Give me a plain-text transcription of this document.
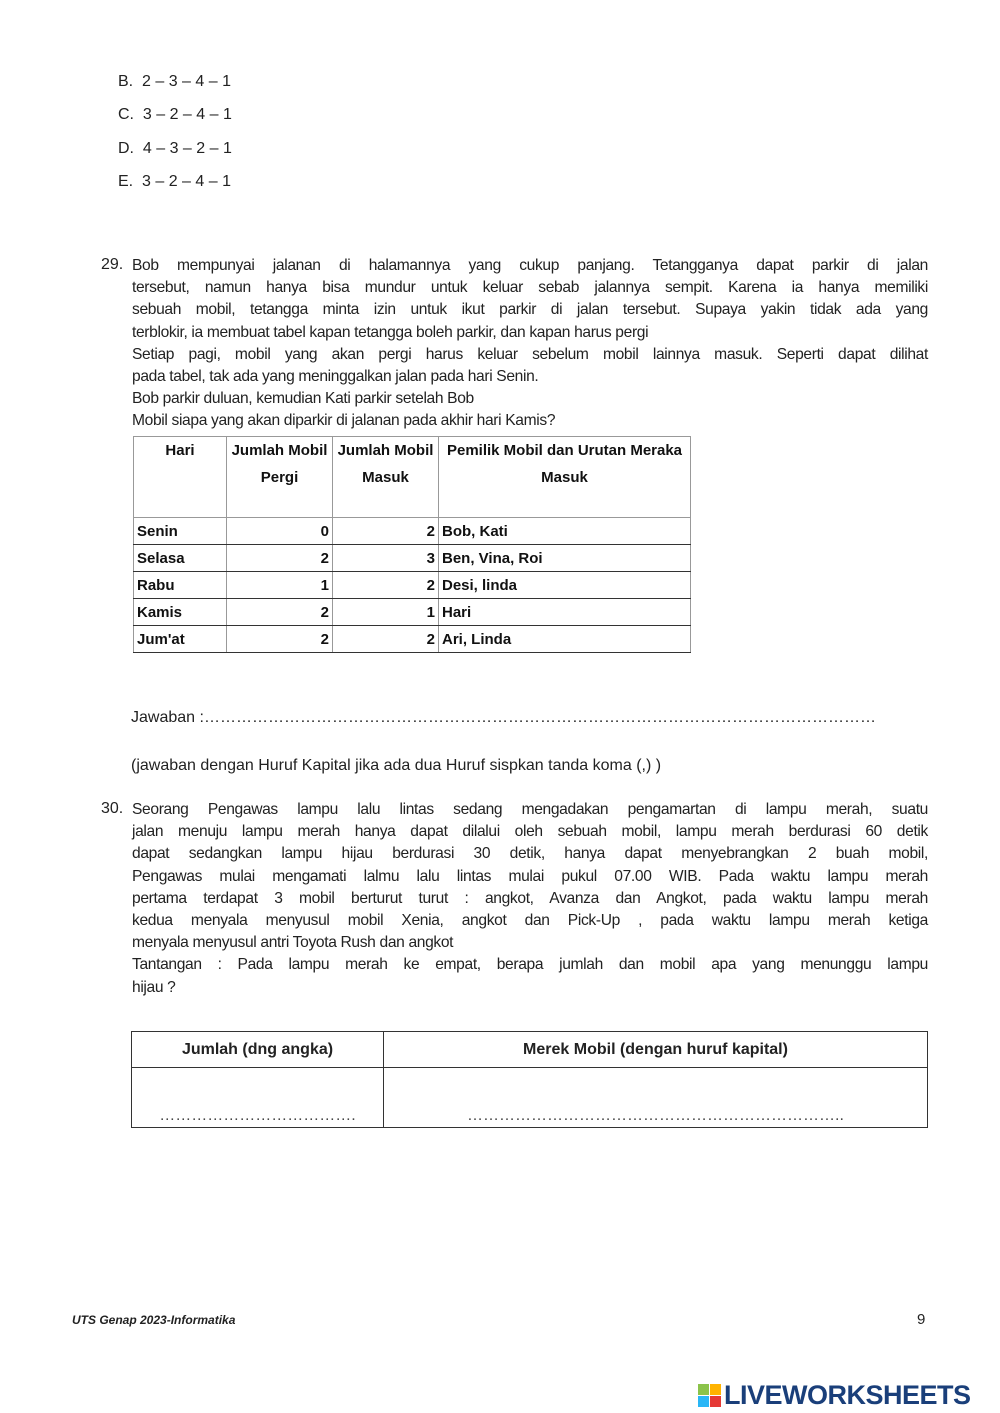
B. 2 – 3 – 4 – 1
C. 3 – 2 – 4 – 1
D. 4 – 3 – 2 – 1
E. 3 – 2 – 4 – 1
29. Bob mempunyai jalanan di halamannya yang cukup panjang. Tetangganya dapat parkir di jalan
tersebut, namun hanya bisa mundur untuk keluar sebab jalannya sempit. Karena ia hanya memiliki
sebuah mobil, tetangga minta izin untuk ikut parkir di jalan tersebut. Supaya yakin tidak ada yang
terblokir, ia membuat tabel kapan tetangga boleh parkir, dan kapan harus pergi
Setiap pagi, mobil yang akan pergi harus keluar sebelum mobil lainnya masuk. Seperti dapat dilihat
pada tabel, tak ada yang meninggalkan jalan pada hari Senin.
Bob parkir duluan, kemudian Kati parkir setelah Bob
Mobil siapa yang akan diparkir di jalanan pada akhir hari Kamis?
Hari	Jumlah Mobil Pergi	Jumlah Mobil Masuk	Pemilik Mobil dan Urutan Meraka Masuk
Senin	0	2	Bob, Kati
Selasa	2	3	Ben, Vina, Roi
Rabu	1	2	Desi, linda
Kamis	2	1	Hari
Jum'at	2	2	Ari, Linda
Jawaban :………………………………………………………………………………………………………………
(jawaban dengan Huruf Kapital jika ada dua Huruf sispkan tanda koma (,) )
30. Seorang Pengawas lampu lalu lintas sedang mengadakan pengamartan di lampu merah, suatu
jalan menuju lampu merah hanya dapat dilalui oleh sebuah mobil, lampu merah berdurasi 60 detik
dapat sedangkan lampu hijau berdurasi 30 detik, hanya dapat menyebrangkan 2 buah mobil,
Pengawas mulai mengamati lalmu lalu lintas mulai pukul 07.00 WIB. Pada waktu lampu merah
pertama terdapat 3 mobil berturut turut : angkot, Avanza dan Angkot, pada waktu lampu merah
kedua menyala menyusul mobil Xenia, angkot dan Pick-Up , pada waktu lampu merah ketiga
menyala menyusul antri Toyota Rush dan angkot
Tantangan : Pada lampu merah ke empat, berapa jumlah dan mobil apa yang menunggu lampu
hijau ?
Jumlah (dng angka)	Merek Mobil (dengan huruf kapital)
……………………………….	……………………………………………………………..
UTS Genap 2023-Informatika	9
LIVEWORKSHEETS
